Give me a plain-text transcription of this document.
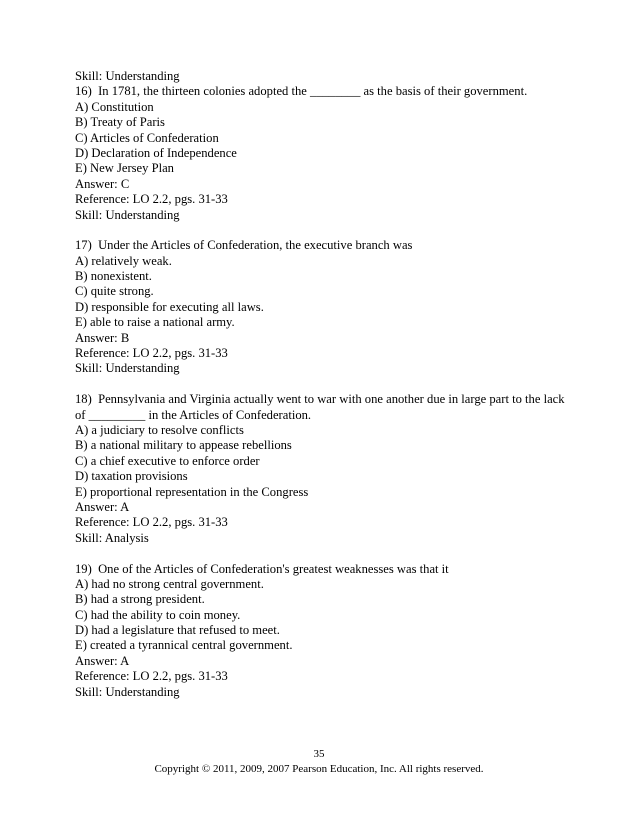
Skill: Understanding
16)  In 1781, the thirteen colonies adopted the ________ as the basis of their government.
A) Constitution
B) Treaty of Paris
C) Articles of Confederation
D) Declaration of Independence
E) New Jersey Plan
Answer: C
Reference: LO 2.2, pgs. 31-33
Skill: Understanding
17)  Under the Articles of Confederation, the executive branch was
A) relatively weak.
B) nonexistent.
C) quite strong.
D) responsible for executing all laws.
E) able to raise a national army.
Answer: B
Reference: LO 2.2, pgs. 31-33
Skill: Understanding
18)  Pennsylvania and Virginia actually went to war with one another due in large part to the lack
of _________ in the Articles of Confederation.
A) a judiciary to resolve conflicts
B) a national military to appease rebellions
C) a chief executive to enforce order
D) taxation provisions
E) proportional representation in the Congress
Answer: A
Reference: LO 2.2, pgs. 31-33
Skill: Analysis
19)  One of the Articles of Confederation's greatest weaknesses was that it
A) had no strong central government.
B) had a strong president.
C) had the ability to coin money.
D) had a legislature that refused to meet.
E) created a tyrannical central government.
Answer: A
Reference: LO 2.2, pgs. 31-33
Skill: Understanding
35
Copyright © 2011, 2009, 2007 Pearson Education, Inc. All rights reserved.
